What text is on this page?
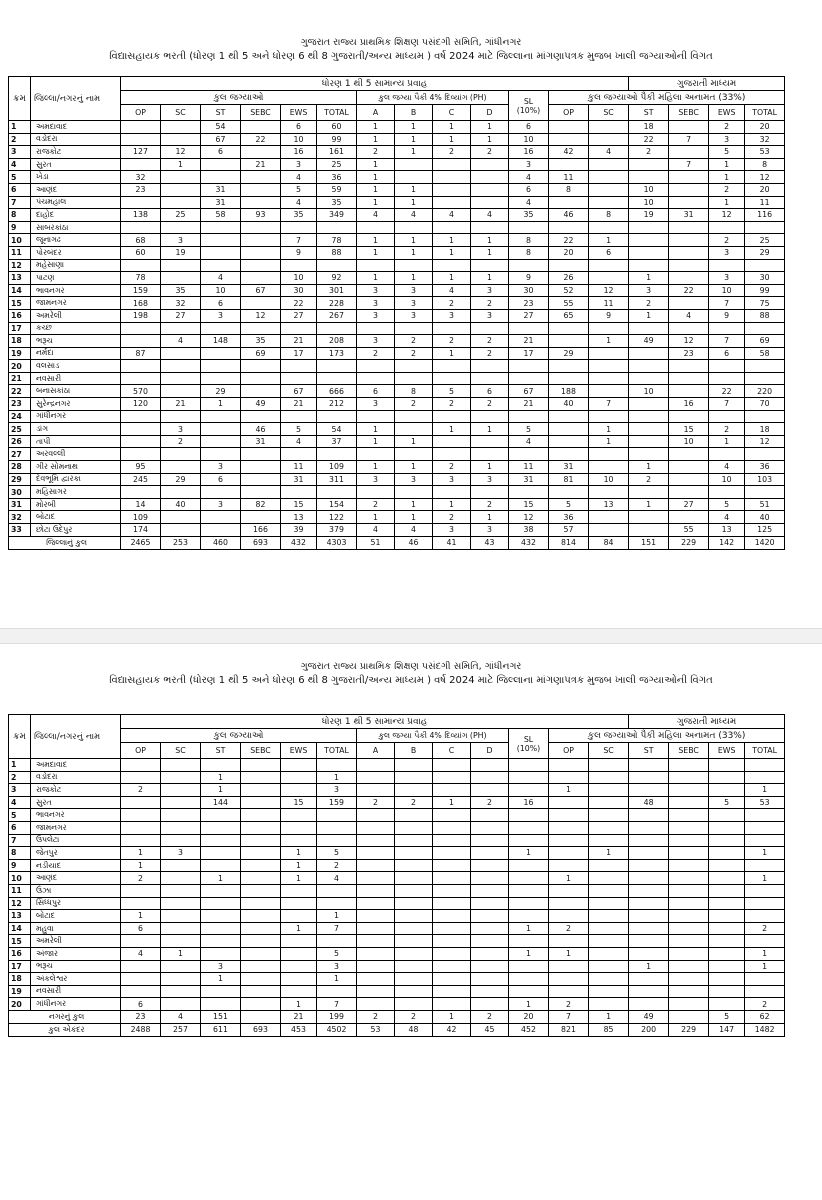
ગુજરાત રાજ્ય પ્રાથમિક શિક્ષણ પસંદગી સમિતિ, ગાંધીનગર
વિદ્યાસહાયક ભરતી (ધોરણ 1 થી 5 અને ધોરણ 6 થી 8 ગુજરાતી/અન્ય માધ્યમ ) વર્ષ 2024 માટે જિલ્લાના માંગણાપત્રક મુજબ ખાલી જગ્યાઓની વિગત
ક્રમ	જિલ્લા/નગરનું નામ	ધોરણ 1 થી 5 સામાન્ય પ્રવાહ													ગુજરાતી માધ્યમ			
		કુલ જગ્યાઓ						કુલ જગ્યા પૈકી 4% દિવ્યાંગ (PH)				SL
(10%)	કુલ જગ્યાઓ પૈકી મહિલા અનામત (33%)					
		OP	SC	ST	SEBC	EWS	TOTAL	A	B	C	D		OP	SC	ST	SEBC	EWS	TOTAL
1	અમદાવાદ			54		6	60	1	1	1	1	6			18		2	20
2	વડોદરા			67	22	10	99	1	1	1	1	10			22	7	3	32
3	રાજકોટ	127	12	6		16	161	2	1	2	2	16	42	4	2		5	53
4	સુરત		1		21	3	25	1				3				7	1	8
5	ખેડા	32				4	36	1				4	11				1	12
6	આણંદ	23		31		5	59	1	1			6	8		10		2	20
7	પંચમહાલ			31		4	35	1	1			4			10		1	11
8	દાહોદ	138	25	58	93	35	349	4	4	4	4	35	46	8	19	31	12	116
9	સાબરકાંઠા																	
10	જૂનાગઢ	68	3			7	78	1	1	1	1	8	22	1			2	25
11	પોરબંદર	60	19			9	88	1	1	1	1	8	20	6			3	29
12	મહેસાણા																	
13	પાટણ	78		4		10	92	1	1	1	1	9	26		1		3	30
14	ભાવનગર	159	35	10	67	30	301	3	3	4	3	30	52	12	3	22	10	99
15	જામનગર	168	32	6		22	228	3	3	2	2	23	55	11	2		7	75
16	અમરેલી	198	27	3	12	27	267	3	3	3	3	27	65	9	1	4	9	88
17	કચ્છ																	
18	ભરૂચ		4	148	35	21	208	3	2	2	2	21		1	49	12	7	69
19	નર્મદા	87			69	17	173	2	2	1	2	17	29			23	6	58
20	વલસાડ																	
21	નવસારી																	
22	બનાસકાંઠા	570		29		67	666	6	8	5	6	67	188		10		22	220
23	સુરેન્દ્રનગર	120	21	1	49	21	212	3	2	2	2	21	40	7		16	7	70
24	ગાંધીનગર																	
25	ડાંગ		3		46	5	54	1		1	1	5		1		15	2	18
26	તાપી		2		31	4	37	1	1			4		1		10	1	12
27	અરવલ્લી																	
28	ગીર સોમનાથ	95		3		11	109	1	1	2	1	11	31		1		4	36
29	દેવભૂમિ દ્વારકા	245	29	6		31	311	3	3	3	3	31	81	10	2		10	103
30	મહિસાગર																	
31	મોરબી	14	40	3	82	15	154	2	1	1	2	15	5	13	1	27	5	51
32	બોટાદ	109				13	122	1	1	2	1	12	36				4	40
33	છોટા ઉદેપુર	174			166	39	379	4	4	3	3	38	57			55	13	125
જિલ્લાનું કુલ		2465	253	460	693	432	4303	51	46	41	43	432	814	84	151	229	142	1420
ગુજરાત રાજ્ય પ્રાથમિક શિક્ષણ પસંદગી સમિતિ, ગાંધીનગર
વિદ્યાસહાયક ભરતી (ધોરણ 1 થી 5 અને ધોરણ 6 થી 8 ગુજરાતી/અન્ય માધ્યમ ) વર્ષ 2024 માટે જિલ્લાના માંગણાપત્રક મુજબ ખાલી જગ્યાઓની વિગત
ક્રમ	જિલ્લા/નગરનું નામ	ધોરણ 1 થી 5 સામાન્ય પ્રવાહ													ગુજરાતી માધ્યમ			
		કુલ જગ્યાઓ						કુલ જગ્યા પૈકી 4% દિવ્યાંગ (PH)				SL
(10%)	કુલ જગ્યાઓ પૈકી મહિલા અનામત (33%)					
		OP	SC	ST	SEBC	EWS	TOTAL	A	B	C	D		OP	SC	ST	SEBC	EWS	TOTAL
1	અમદાવાદ																	
2	વડોદરા			1			1											
3	રાજકોટ	2		1			3						1					1
4	સુરત			144		15	159	2	2	1	2	16			48		5	53
5	ભાવનગર																	
6	જામનગર																	
7	ઉપલેટા																	
8	જેતપુર	1	3			1	5					1		1				1
9	નડીયાદ	1				1	2											
10	આણંદ	2		1		1	4						1					1
11	ઉંઝા																	
12	સિધ્ધપુર																	
13	બોટાદ	1					1											
14	મહુવા	6				1	7					1	2					2
15	અમરેલી																	
16	અંજાર	4	1				5					1	1					1
17	ભરૂચ			3			3								1			1
18	અંકલેશ્વર			1			1											
19	નવસારી																	
20	ગાંધીનગર	6				1	7					1	2					2
નગરનું કુલ		23	4	151		21	199	2	2	1	2	20	7	1	49		5	62
કુલ એકંદર		2488	257	611	693	453	4502	53	48	42	45	452	821	85	200	229	147	1482
